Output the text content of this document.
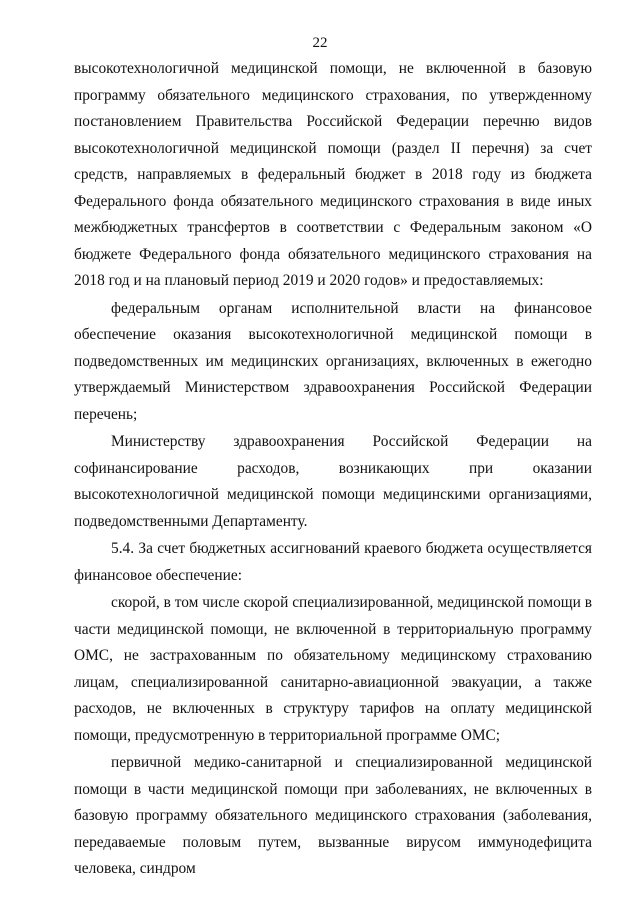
22

высокотехнологичной медицинской помощи, не включенной в базовую программу обязательного медицинского страхования, по утвержденному постановлением Правительства Российской Федерации перечню видов высокотехнологичной медицинской помощи (раздел II перечня) за счет средств, направляемых в федеральный бюджет в 2018 году из бюджета Федерального фонда обязательного медицинского страхования в виде иных межбюджетных трансфертов в соответствии с Федеральным законом «О бюджете Федерального фонда обязательного медицинского страхования на 2018 год и на плановый период 2019 и 2020 годов» и предоставляемых:

федеральным органам исполнительной власти на финансовое обеспечение оказания высокотехнологичной медицинской помощи в подведомственных им медицинских организациях, включенных в ежегодно утверждаемый Министерством здравоохранения Российской Федерации перечень;

Министерству здравоохранения Российской Федерации на софинансирование расходов, возникающих при оказании высокотехнологичной медицинской помощи медицинскими организациями, подведомственными Департаменту.

5.4. За счет бюджетных ассигнований краевого бюджета осуществляется финансовое обеспечение:

скорой, в том числе скорой специализированной, медицинской помощи в части медицинской помощи, не включенной в территориальную программу ОМС, не застрахованным по обязательному медицинскому страхованию лицам, специализированной санитарно-авиационной эвакуации, а также расходов, не включенных в структуру тарифов на оплату медицинской помощи, предусмотренную в территориальной программе ОМС;

первичной медико-санитарной и специализированной медицинской помощи в части медицинской помощи при заболеваниях, не включенных в базовую программу обязательного медицинского страхования (заболевания, передаваемые половым путем, вызванные вирусом иммунодефицита человека, синдром
